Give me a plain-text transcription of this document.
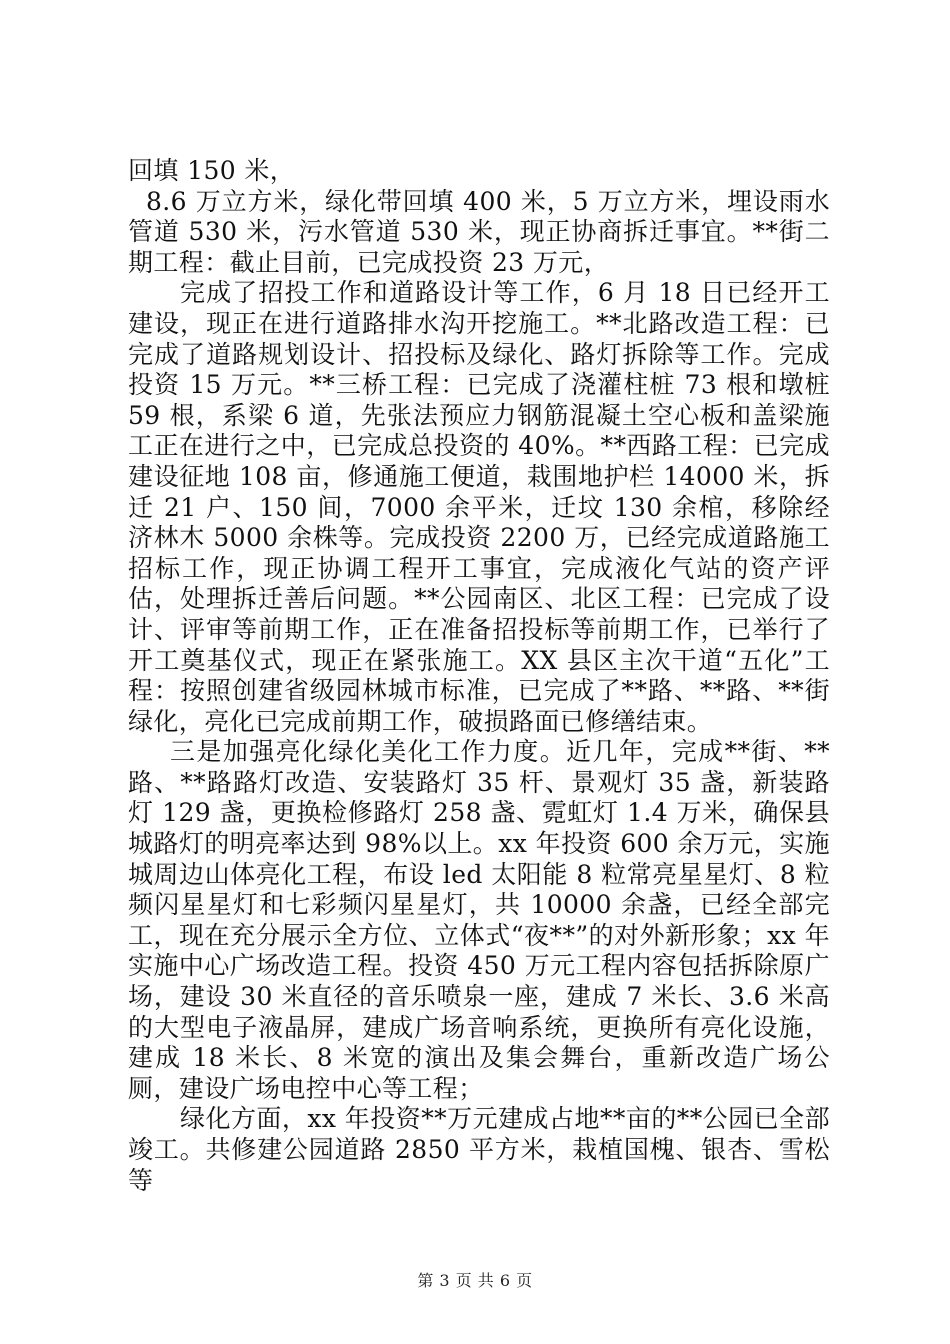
回填 150 米，

8.6 万立方米，绿化带回填 400 米，5 万立方米，埋设雨水管道 530 米，污水管道 530 米，现正协商拆迁事宜。**街二期工程：截止目前，已完成投资 23 万元，

完成了招投工作和道路设计等工作，6 月 18 日已经开工建设，现正在进行道路排水沟开挖施工。**北路改造工程：已完成了道路规划设计、招投标及绿化、路灯拆除等工作。完成投资 15 万元。**三桥工程：已完成了浇灌柱桩 73 根和墩桩 59 根，系梁 6 道，先张法预应力钢筋混凝土空心板和盖梁施工正在进行之中，已完成总投资的 40%。**西路工程：已完成建设征地 108 亩，修通施工便道，栽围地护栏 14000 米，拆迁 21 户、150 间，7000 余平米，迁坟 130 余棺，移除经济林木 5000 余株等。完成投资 2200 万，已经完成道路施工招标工作，现正协调工程开工事宜，完成液化气站的资产评估，处理拆迁善后问题。**公园南区、北区工程：已完成了设计、评审等前期工作，正在准备招投标等前期工作，已举行了开工奠基仪式，现正在紧张施工。XX 县区主次干道“五化”工程：按照创建省级园林城市标准，已完成了**路、**路、**街绿化，亮化已完成前期工作，破损路面已修缮结束。

三是加强亮化绿化美化工作力度。近几年，完成**街、**路、**路路灯改造、安装路灯 35 杆、景观灯 35 盏，新装路灯 129 盏，更换检修路灯 258 盏、霓虹灯 1.4 万米，确保县城路灯的明亮率达到 98%以上。xx 年投资 600 余万元，实施城周边山体亮化工程，布设 led 太阳能 8 粒常亮星星灯、8 粒频闪星星灯和七彩频闪星星灯，共 10000 余盏，已经全部完工，现在充分展示全方位、立体式“夜**”的对外新形象；xx 年实施中心广场改造工程。投资 450 万元工程内容包括拆除原广场，建设 30 米直径的音乐喷泉一座，建成 7 米长、3.6 米高的大型电子液晶屏，建成广场音响系统，更换所有亮化设施，建成 18 米长、8 米宽的演出及集会舞台，重新改造广场公厕，建设广场电控中心等工程；

绿化方面，xx 年投资**万元建成占地**亩的**公园已全部竣工。共修建公园道路 2850 平方米，栽植国槐、银杏、雪松等

第 3 页 共 6 页
